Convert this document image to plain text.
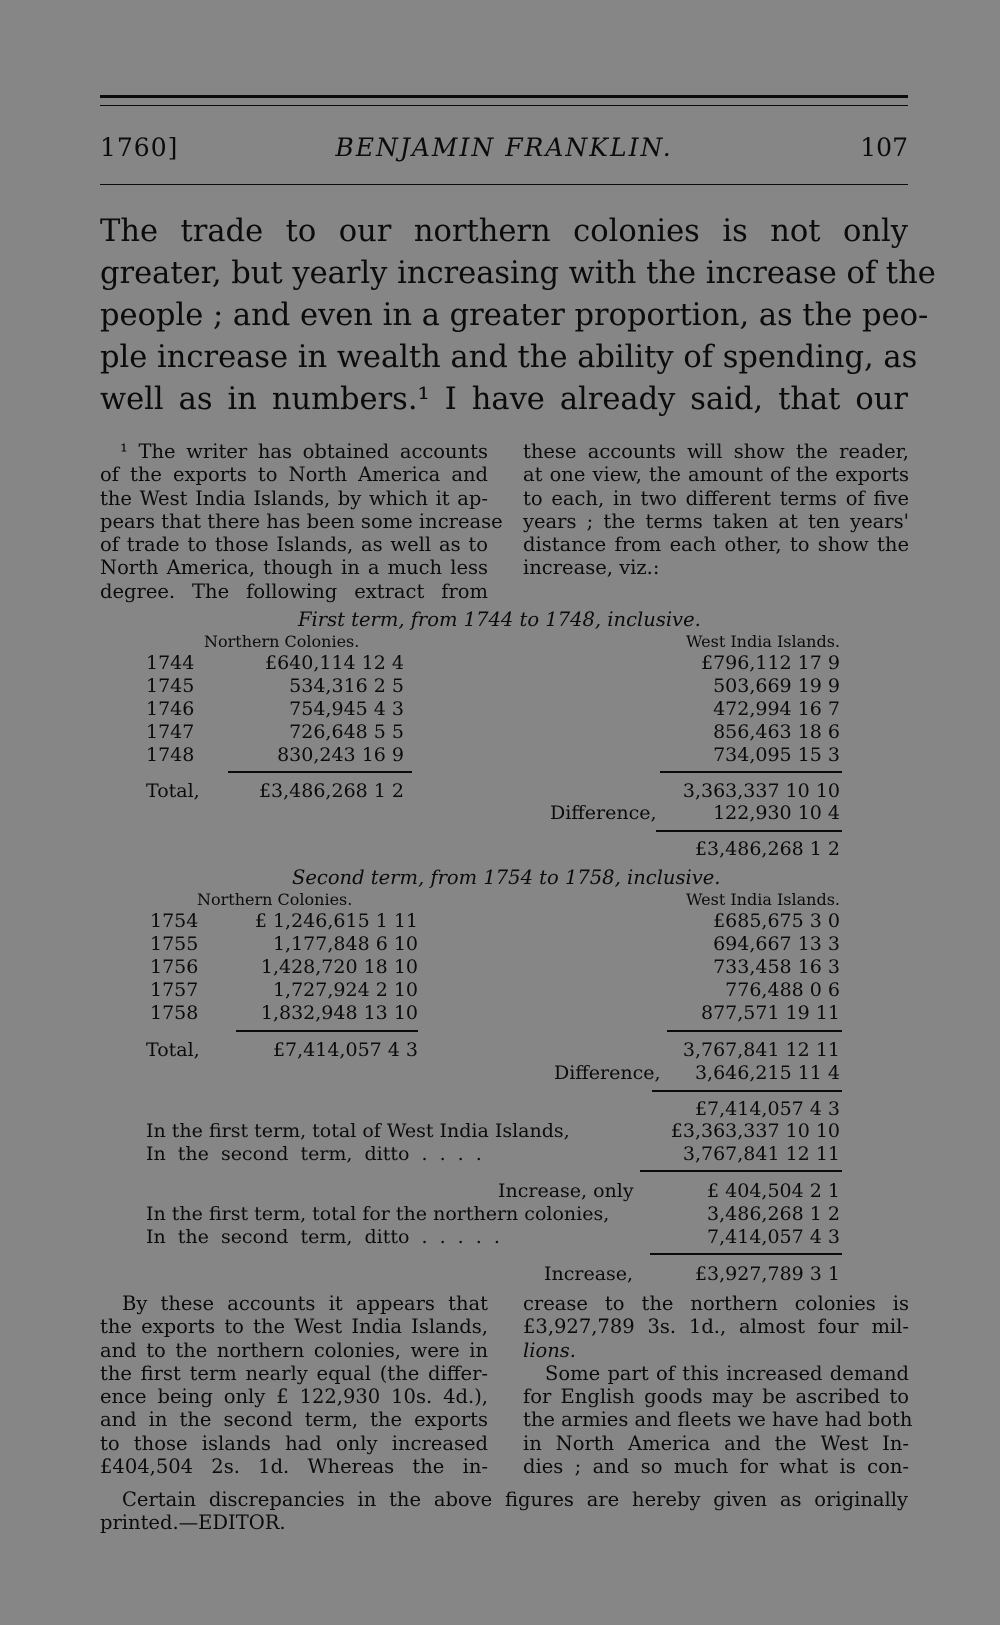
1760]	BENJAMIN FRANKLIN.	107
The trade to our northern colonies is not only
greater, but yearly increasing with the increase of the
people ; and even in a greater proportion, as the peo-
ple increase in wealth and the ability of spending, as
well as in numbers.¹ I have already said, that our
¹ The writer has obtained accounts
of the exports to North America and
the West India Islands, by which it ap-
pears that there has been some increase
of trade to those Islands, as well as to
North America, though in a much less
degree. The following extract from
these accounts will show the reader,
at one view, the amount of the exports
to each, in two different terms of five
years ; the terms taken at ten years'
distance from each other, to show the
increase, viz.:
First term, from 1744 to 1748, inclusive.
Northern Colonies.	West India Islands.
1744	£640,114 12 4	£796,112 17 9
1745	534,316 2 5	503,669 19 9
1746	754,945 4 3	472,994 16 7
1747	726,648 5 5	856,463 18 6
1748	830,243 16 9	734,095 15 3
Total,	£3,486,268 1 2	3,363,337 10 10
Difference,	122,930 10 4
£3,486,268 1 2
Second term, from 1754 to 1758, inclusive.
Northern Colonies.	West India Islands.
1754	£ 1,246,615 1 11	£685,675 3 0
1755	1,177,848 6 10	694,667 13 3
1756	1,428,720 18 10	733,458 16 3
1757	1,727,924 2 10	776,488 0 6
1758	1,832,948 13 10	877,571 19 11
Total,	£7,414,057 4 3	3,767,841 12 11
Difference, 3,646,215 11 4
£7,414,057 4 3
In the first term, total of West India Islands,	£3,363,337 10 10
In the second term, ditto . . . .	3,767,841 12 11
Increase, only	£ 404,504 2 1
In the first term, total for the northern colonies,	3,486,268 1 2
In the second term, ditto . . . . .	7,414,057 4 3
Increase,	£3,927,789 3 1
By these accounts it appears that
the exports to the West India Islands,
and to the northern colonies, were in
the first term nearly equal (the differ-
ence being only £ 122,930 10s. 4d.),
and in the second term, the exports
to those islands had only increased
£404,504 2s. 1d. Whereas the in-
crease to the northern colonies is
£3,927,789 3s. 1d., almost four mil-
lions.
Some part of this increased demand
for English goods may be ascribed to
the armies and fleets we have had both
in North America and the West In-
dies ; and so much for what is con-
Certain discrepancies in the above figures are hereby given as originally
printed.—EDITOR.
